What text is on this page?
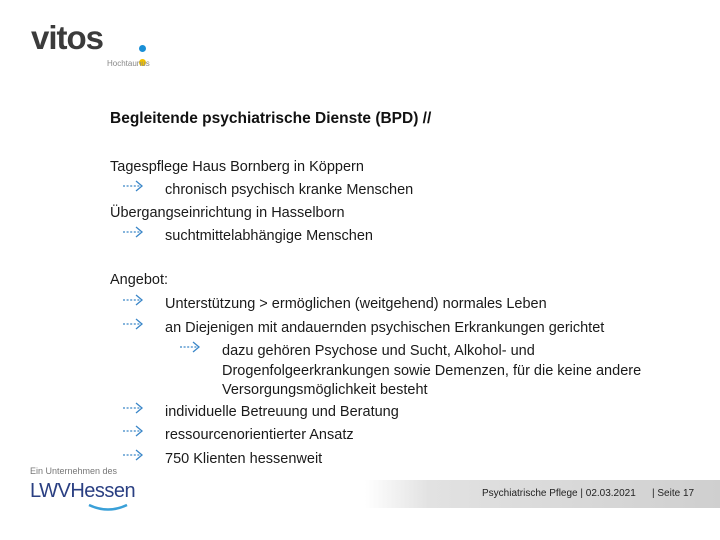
vitos
Hochtaunus
Begleitende psychiatrische Dienste (BPD) //
Tagespflege Haus Bornberg in Köppern
chronisch psychisch kranke Menschen
Übergangseinrichtung in Hasselborn
suchtmittelabhängige Menschen
Angebot:
Unterstützung > ermöglichen (weitgehend) normales Leben
an Diejenigen mit andauernden psychischen Erkrankungen gerichtet
dazu gehören Psychose und Sucht, Alkohol- und
Drogenfolgeerkrankungen sowie Demenzen, für die keine andere
Versorgungsmöglichkeit besteht
individuelle Betreuung und Beratung
ressourcenorientierter Ansatz
750 Klienten hessenweit
Psychiatrische Pflege | 02.03.2021 | Seite 17
Ein Unternehmen des
LWVHessen
